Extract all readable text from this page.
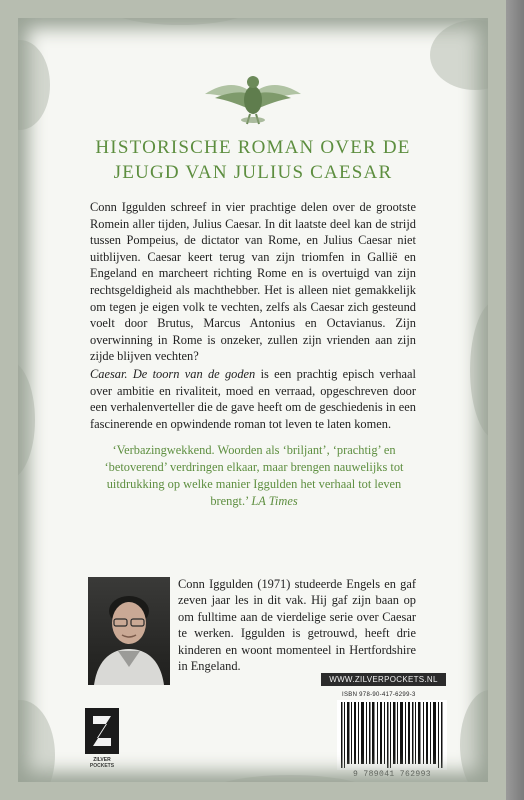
HISTORISCHE ROMAN OVER DE
JEUGD VAN JULIUS CAESAR

Conn Iggulden schreef in vier prachtige delen over de grootste Romein aller tijden, Julius Caesar. In dit laatste deel kan de strijd tussen Pompeius, de dictator van Rome, en Julius Caesar niet uitblijven. Caesar keert terug van zijn triomfen in Gallië en Engeland en marcheert richting Rome en is overtuigd van zijn rechtsgeldigheid als machthebber. Het is alleen niet gemakkelijk om tegen je eigen volk te vechten, zelfs als Caesar zich gesteund voelt door Brutus, Marcus Antonius en Octavianus. Zijn overwinning in Rome is onzeker, zullen zijn vrienden aan zijn zijde blijven vechten?

Caesar. De toorn van de goden is een prachtig episch verhaal over ambitie en rivaliteit, moed en verraad, opgeschreven door een verhalenverteller die de gave heeft om de geschiedenis in een fascinerende en opwindende roman tot leven te laten komen.

‘Verbazingwekkend. Woorden als ‘briljant’, ‘prachtig’ en ‘betoverend’ verdringen elkaar, maar brengen nauwelijks tot uitdrukking op welke manier Iggulden het verhaal tot leven brengt.’ LA Times

Conn Iggulden (1971) studeerde Engels en gaf zeven jaar les in dit vak. Hij gaf zijn baan op om fulltime aan de vierdelige serie over Caesar te werken. Iggulden is getrouwd, heeft drie kinderen en woont momenteel in Hertfordshire in Engeland.

WWW.ZILVERPOCKETS.NL
ISBN 978-90-417-6299-3
9 789041 762993
ZILVER
POCKETS
